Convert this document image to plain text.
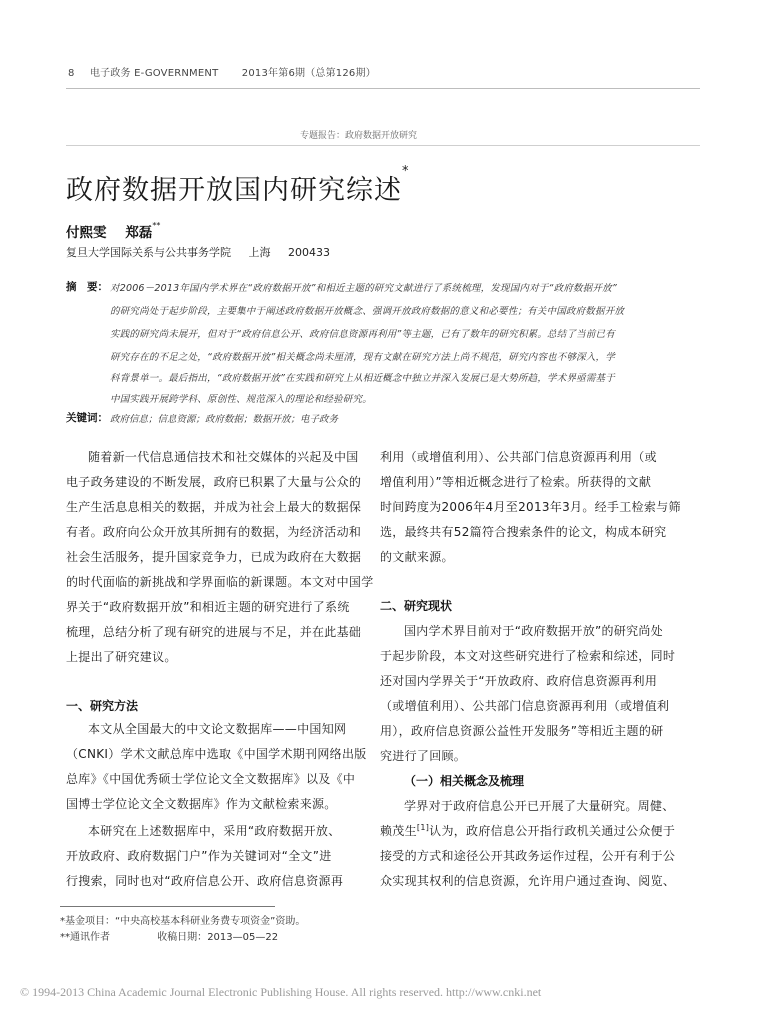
8 电子政务 E-GOVERNMENT 2013年第6期（总第126期）
专题报告：政府数据开放研究
政府数据开放国内研究综述*
付熙雯 郑磊**
复旦大学国际关系与公共事务学院 上海 200433
摘　要： 对2006－2013年国内学术界在“政府数据开放”和相近主题的研究文献进行了系统梳理，发现国内对于“政府数据开放”
的研究尚处于起步阶段，主要集中于阐述政府数据开放概念、强调开放政府数据的意义和必要性；有关中国政府数据开放
实践的研究尚未展开，但对于“政府信息公开、政府信息资源再利用”等主题，已有了数年的研究积累。总结了当前已有
研究存在的不足之处，“政府数据开放”相关概念尚未厘清，现有文献在研究方法上尚不规范，研究内容也不够深入，学
科背景单一。最后指出，“政府数据开放”在实践和研究上从相近概念中独立并深入发展已是大势所趋，学术界亟需基于
中国实践开展跨学科、原创性、规范深入的理论和经验研究。
关键词： 政府信息；信息资源；政府数据；数据开放；电子政务
随着新一代信息通信技术和社交媒体的兴起及中国
电子政务建设的不断发展，政府已积累了大量与公众的
生产生活息息相关的数据，并成为社会上最大的数据保
有者。政府向公众开放其所拥有的数据，为经济活动和
社会生活服务，提升国家竞争力，已成为政府在大数据
的时代面临的新挑战和学界面临的新课题。本文对中国学
界关于“政府数据开放”和相近主题的研究进行了系统
梳理，总结分析了现有研究的进展与不足，并在此基础
上提出了研究建议。
一、研究方法
本文从全国最大的中文论文数据库——中国知网
（CNKI）学术文献总库中选取《中国学术期刊网络出版
总库》《中国优秀硕士学位论文全文数据库》以及《中
国博士学位论文全文数据库》作为文献检索来源。
本研究在上述数据库中，采用“政府数据开放、
开放政府、政府数据门户”作为关键词对“全文”进
行搜索，同时也对“政府信息公开、政府信息资源再
利用（或增值利用）、公共部门信息资源再利用（或
增值利用）”等相近概念进行了检索。所获得的文献
时间跨度为2006年4月至2013年3月。经手工检索与筛
选，最终共有52篇符合搜索条件的论文，构成本研究
的文献来源。
二、研究现状
国内学术界目前对于“政府数据开放”的研究尚处
于起步阶段，本文对这些研究进行了检索和综述，同时
还对国内学界关于“开放政府、政府信息资源再利用
（或增值利用）、公共部门信息资源再利用（或增值利
用），政府信息资源公益性开发服务”等相近主题的研
究进行了回顾。
（一）相关概念及梳理
学界对于政府信息公开已开展了大量研究。周健、
赖茂生[1]认为，政府信息公开指行政机关通过公众便于
接受的方式和途径公开其政务运作过程，公开有利于公
众实现其权利的信息资源，允许用户通过查询、阅览、
*基金项目：“中央高校基本科研业务费专项资金”资助。
**通讯作者	收稿日期：2013—05—22
© 1994-2013 China Academic Journal Electronic Publishing House. All rights reserved. http://www.cnki.net
